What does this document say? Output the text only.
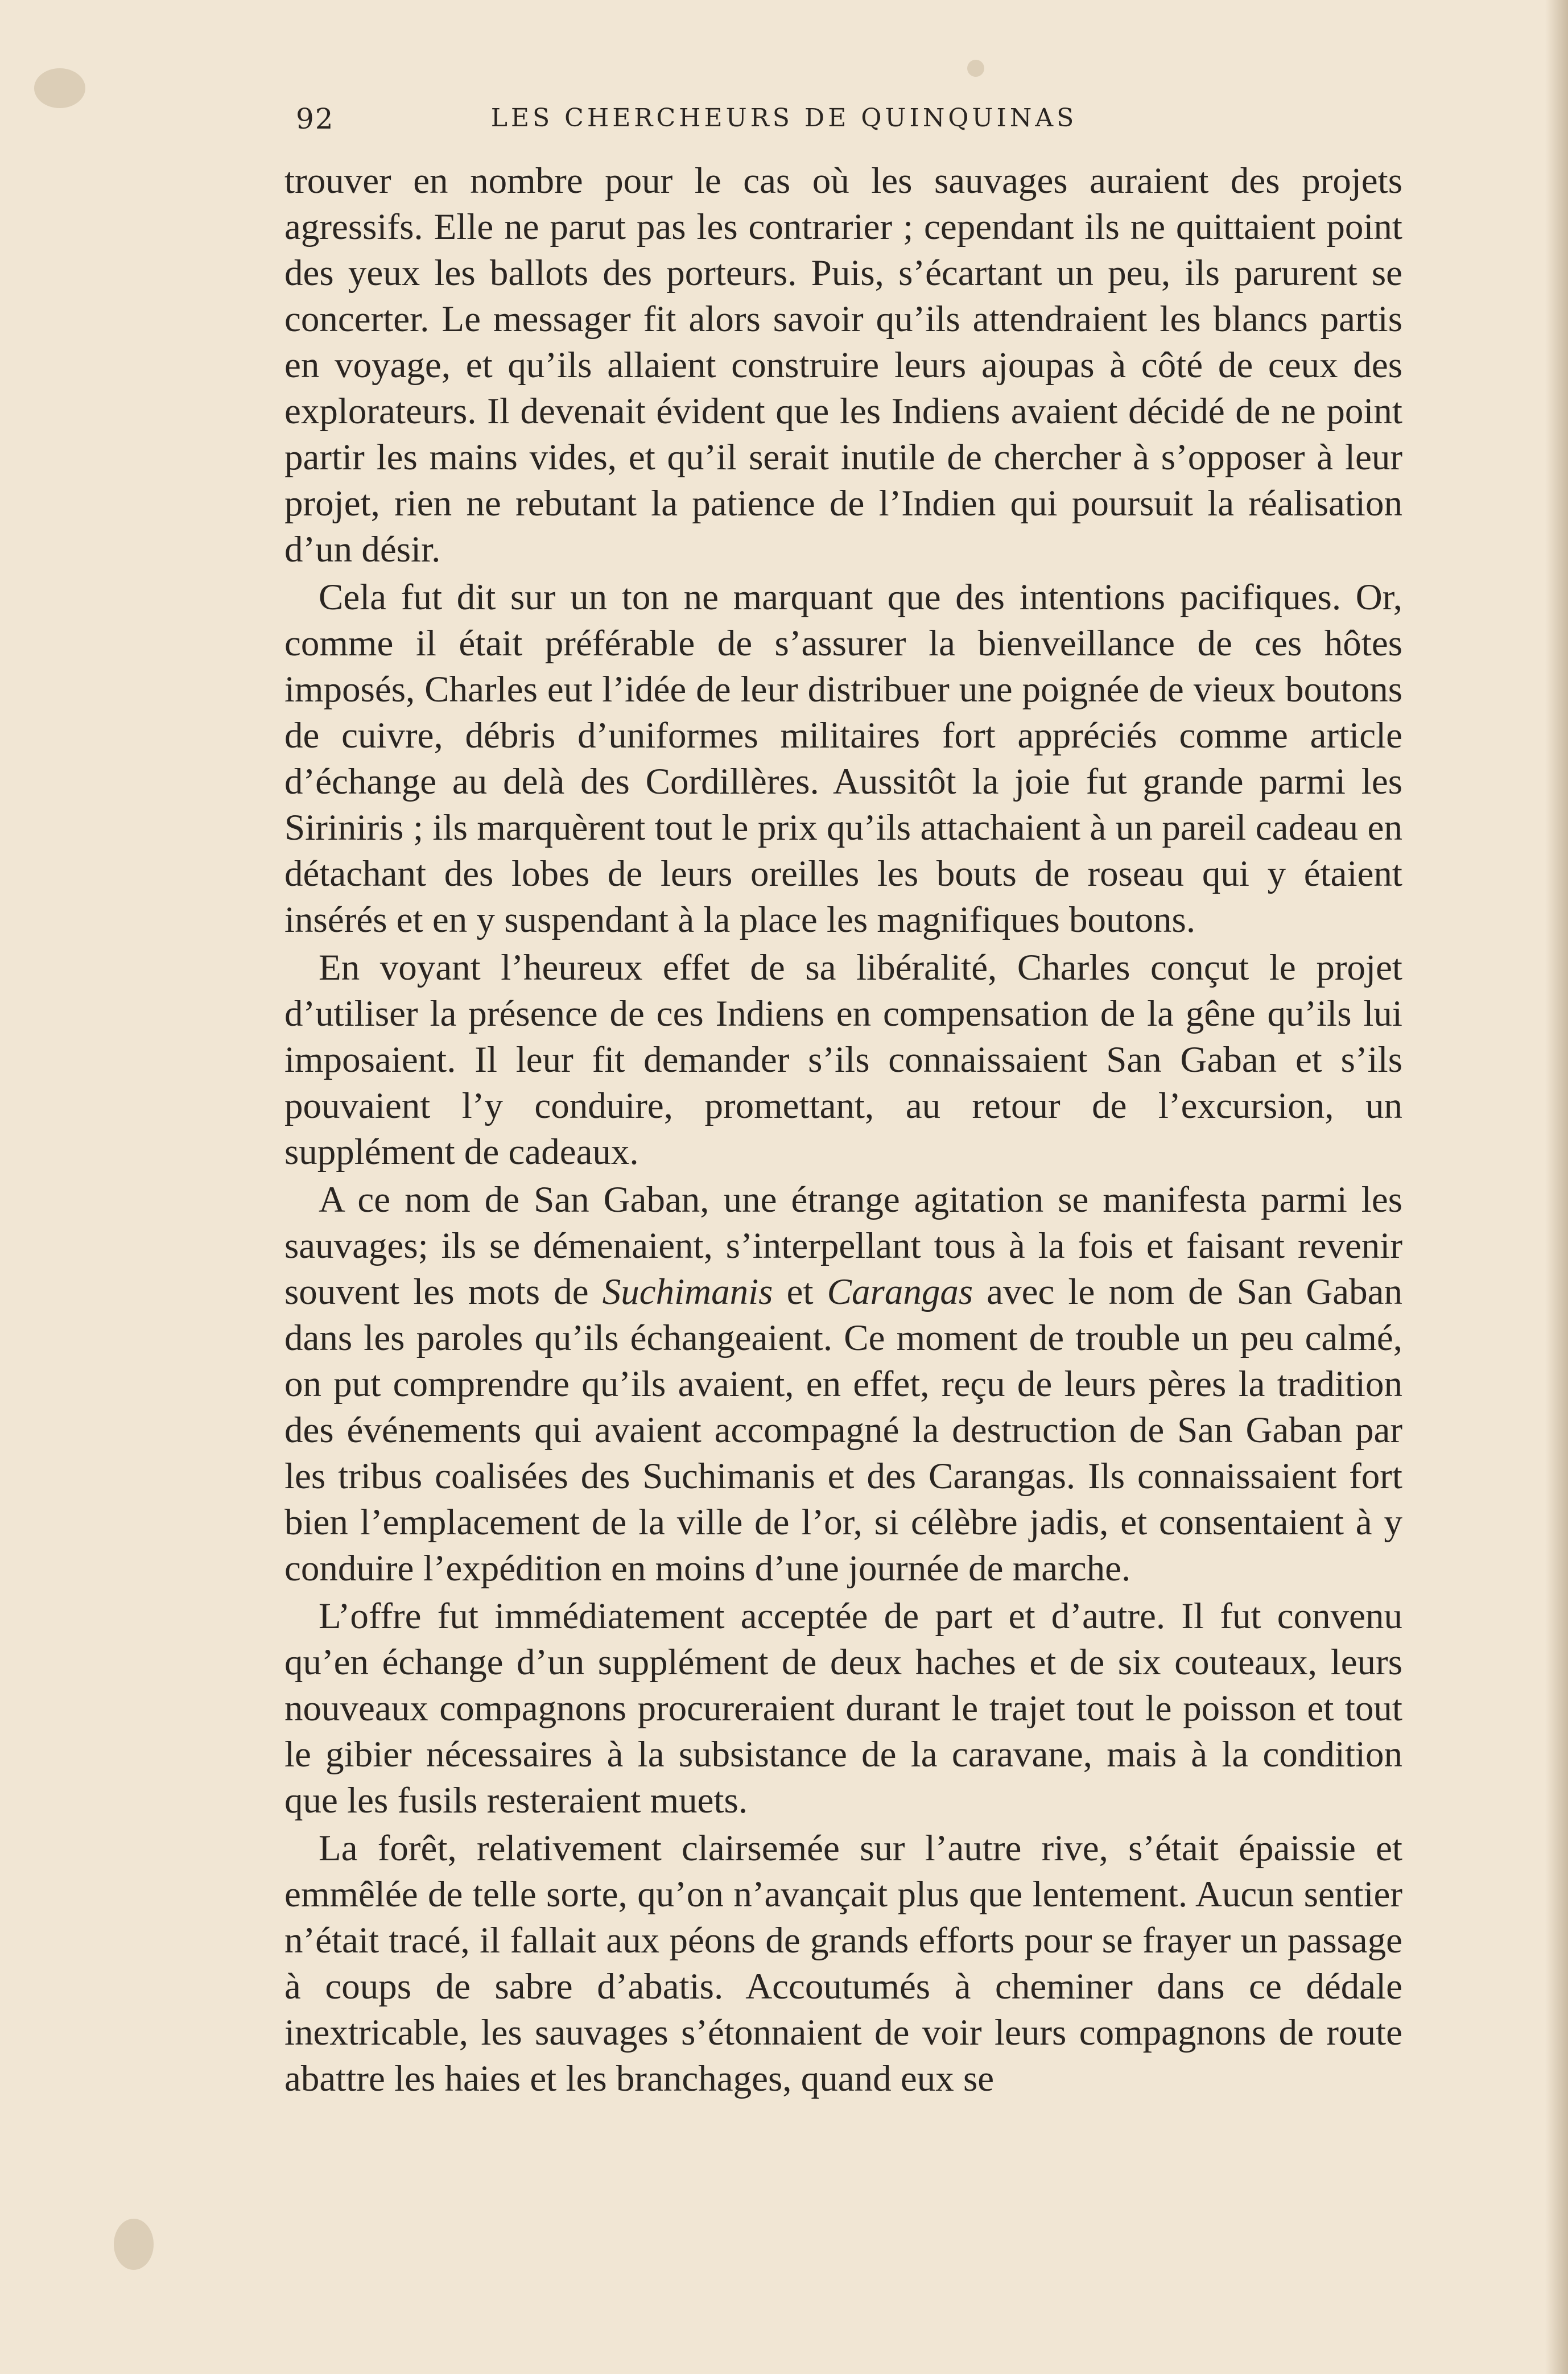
92	LES CHERCHEURS DE QUINQUINAS

trouver en nombre pour le cas où les sauvages auraient des projets agressifs. Elle ne parut pas les contrarier ; cependant ils ne quittaient point des yeux les ballots des porteurs. Puis, s’écartant un peu, ils parurent se concerter. Le messager fit alors savoir qu’ils attendraient les blancs partis en voyage, et qu’ils allaient construire leurs ajoupas à côté de ceux des explorateurs. Il devenait évident que les Indiens avaient décidé de ne point partir les mains vides, et qu’il serait inutile de chercher à s’opposer à leur projet, rien ne rebutant la patience de l’Indien qui poursuit la réalisation d’un désir.

Cela fut dit sur un ton ne marquant que des intentions pacifiques. Or, comme il était préférable de s’assurer la bienveillance de ces hôtes imposés, Charles eut l’idée de leur distribuer une poignée de vieux boutons de cuivre, débris d’uniformes militaires fort appréciés comme article d’échange au delà des Cordillères. Aussitôt la joie fut grande parmi les Siriniris ; ils marquèrent tout le prix qu’ils attachaient à un pareil cadeau en détachant des lobes de leurs oreilles les bouts de roseau qui y étaient insérés et en y suspendant à la place les magnifiques boutons.

En voyant l’heureux effet de sa libéralité, Charles conçut le projet d’utiliser la présence de ces Indiens en compensation de la gêne qu’ils lui imposaient. Il leur fit demander s’ils connaissaient San Gaban et s’ils pouvaient l’y conduire, promettant, au retour de l’excursion, un supplément de cadeaux.

A ce nom de San Gaban, une étrange agitation se manifesta parmi les sauvages; ils se démenaient, s’interpellant tous à la fois et faisant revenir souvent les mots de Suchimanis et Carangas avec le nom de San Gaban dans les paroles qu’ils échangeaient. Ce moment de trouble un peu calmé, on put comprendre qu’ils avaient, en effet, reçu de leurs pères la tradition des événements qui avaient accompagné la destruction de San Gaban par les tribus coalisées des Suchimanis et des Carangas. Ils connaissaient fort bien l’emplacement de la ville de l’or, si célèbre jadis, et consentaient à y conduire l’expédition en moins d’une journée de marche.

L’offre fut immédiatement acceptée de part et d’autre. Il fut convenu qu’en échange d’un supplément de deux haches et de six couteaux, leurs nouveaux compagnons procureraient durant le trajet tout le poisson et tout le gibier nécessaires à la subsistance de la caravane, mais à la condition que les fusils resteraient muets.

La forêt, relativement clairsemée sur l’autre rive, s’était épaissie et emmêlée de telle sorte, qu’on n’avançait plus que lentement. Aucun sentier n’était tracé, il fallait aux péons de grands efforts pour se frayer un passage à coups de sabre d’abatis. Accoutumés à cheminer dans ce dédale inextricable, les sauvages s’étonnaient de voir leurs compagnons de route abattre les haies et les branchages, quand eux se
